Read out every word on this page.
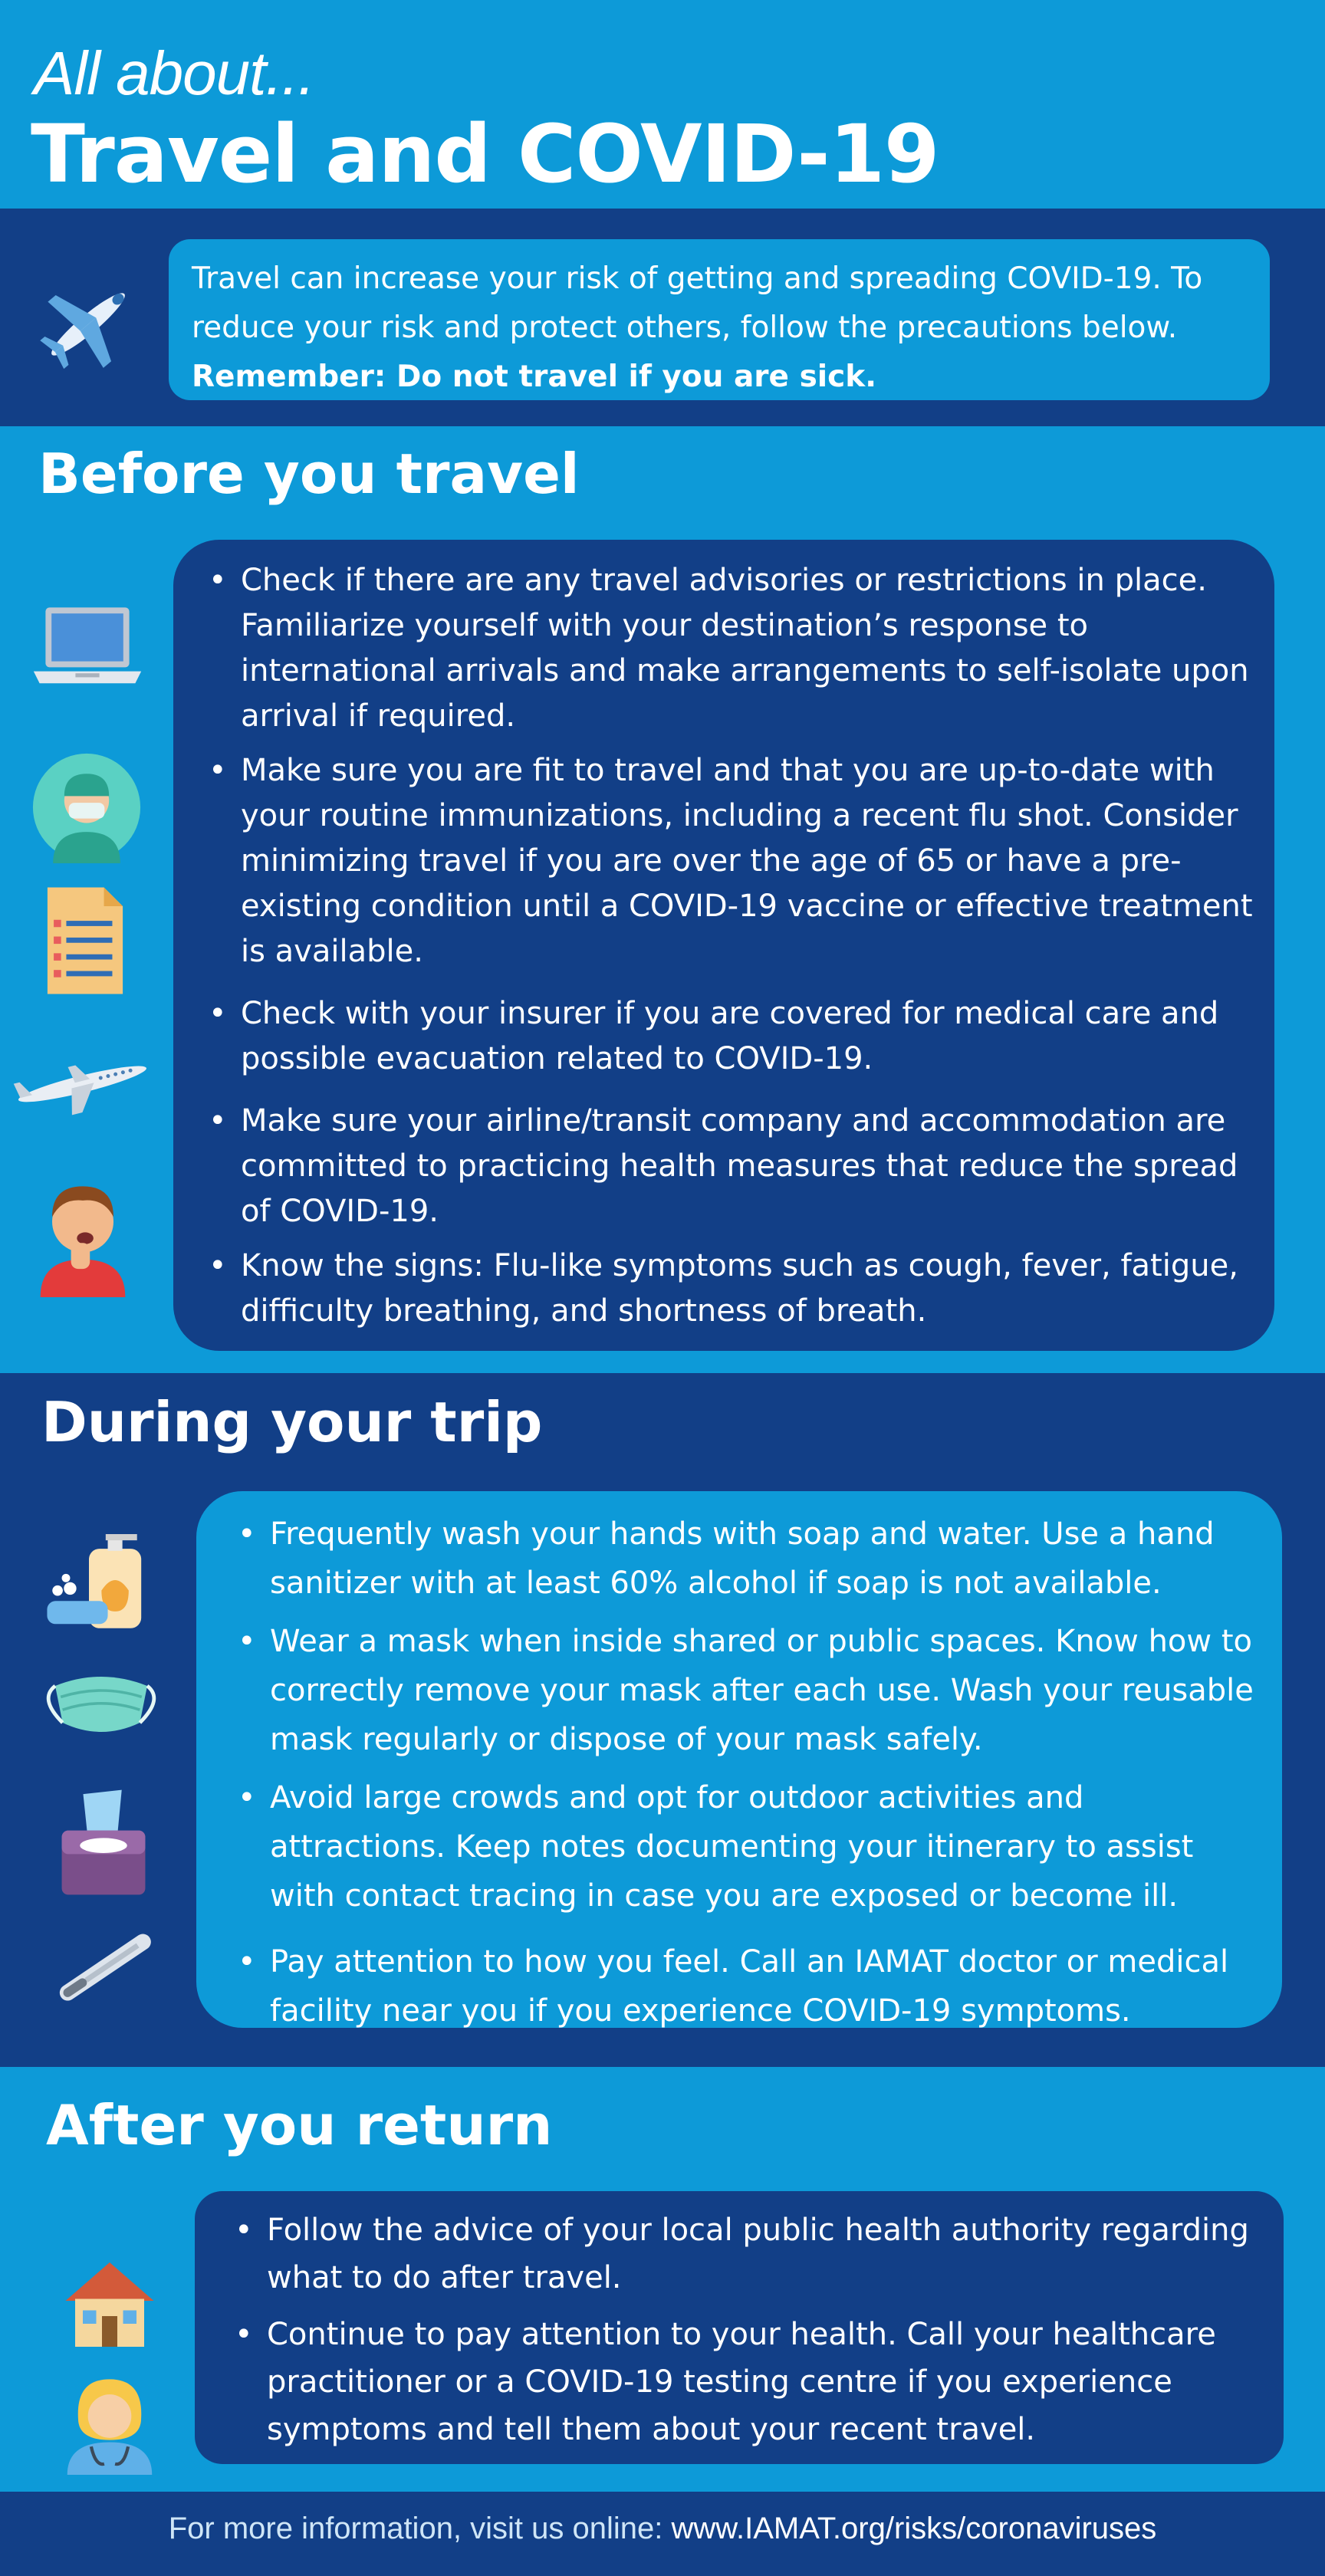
All about...
Travel and COVID-19
Travel can increase your risk of getting and spreading COVID-19. To reduce your risk and protect others, follow the precautions below.
Remember: Do not travel if you are sick.
Before you travel
• Check if there are any travel advisories or restrictions in place. Familiarize yourself with your destination’s response to international arrivals and make arrangements to self-isolate upon arrival if required.
• Make sure you are fit to travel and that you are up-to-date with your routine immunizations, including a recent flu shot. Consider minimizing travel if you are over the age of 65 or have a pre-existing condition until a COVID-19 vaccine or effective treatment is available.
• Check with your insurer if you are covered for medical care and possible evacuation related to COVID-19.
• Make sure your airline/transit company and accommodation are committed to practicing health measures that reduce the spread of COVID-19.
• Know the signs: Flu-like symptoms such as cough, fever, fatigue, difficulty breathing, and shortness of breath.
During your trip
• Frequently wash your hands with soap and water. Use a hand sanitizer with at least 60% alcohol if soap is not available.
• Wear a mask when inside shared or public spaces. Know how to correctly remove your mask after each use. Wash your reusable mask regularly or dispose of your mask safely.
• Avoid large crowds and opt for outdoor activities and attractions. Keep notes documenting your itinerary to assist with contact tracing in case you are exposed or become ill.
• Pay attention to how you feel. Call an IAMAT doctor or medical facility near you if you experience COVID-19 symptoms.
After you return
• Follow the advice of your local public health authority regarding what to do after travel.
• Continue to pay attention to your health. Call your healthcare practitioner or a COVID-19 testing centre if you experience symptoms and tell them about your recent travel.
For more information, visit us online: www.IAMAT.org/risks/coronaviruses
